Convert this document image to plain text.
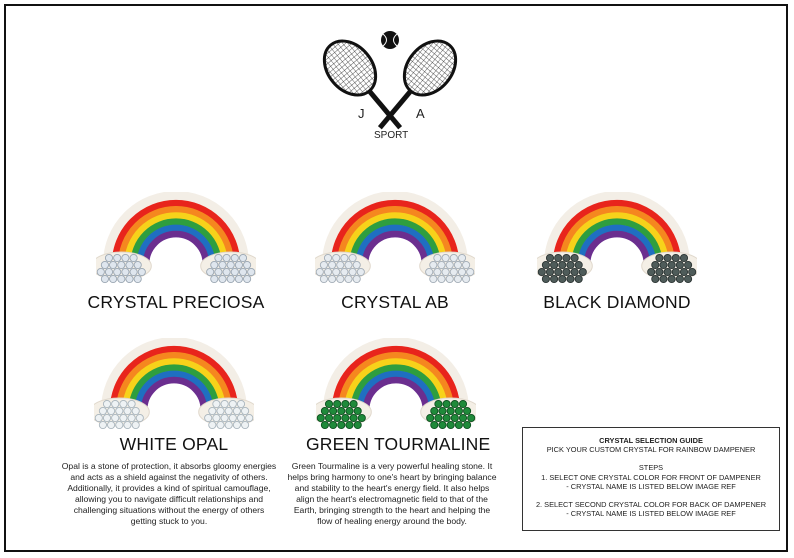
J	A
SPORT
CRYSTAL PRECIOSA	CRYSTAL AB	BLACK DIAMOND
WHITE OPAL	GREEN TOURMALINE
Opal is a stone of protection, it absorbs gloomy energies and acts as a shield against the negativity of others. Additionally, it provides a kind of spiritual camouflage, allowing you to navigate difficult relationships and challenging situations without the energy of others getting stuck to you.
Green Tourmaline is a very powerful healing stone. It helps bring harmony to one's heart by bringing balance and stability to the heart's energy field. It also helps align the heart's electromagnetic field to that of the Earth, bringing strength to the heart and helping the flow of healing energy around the body.
CRYSTAL SELECTION GUIDE
PICK YOUR CUSTOM CRYSTAL FOR RAINBOW DAMPENER
STEPS
1. SELECT ONE CRYSTAL COLOR FOR FRONT OF DAMPENER
- CRYSTAL NAME IS LISTED BELOW IMAGE REF
2. SELECT SECOND CRYSTAL COLOR FOR BACK OF DAMPENER
- CRYSTAL NAME IS LISTED BELOW IMAGE REF
